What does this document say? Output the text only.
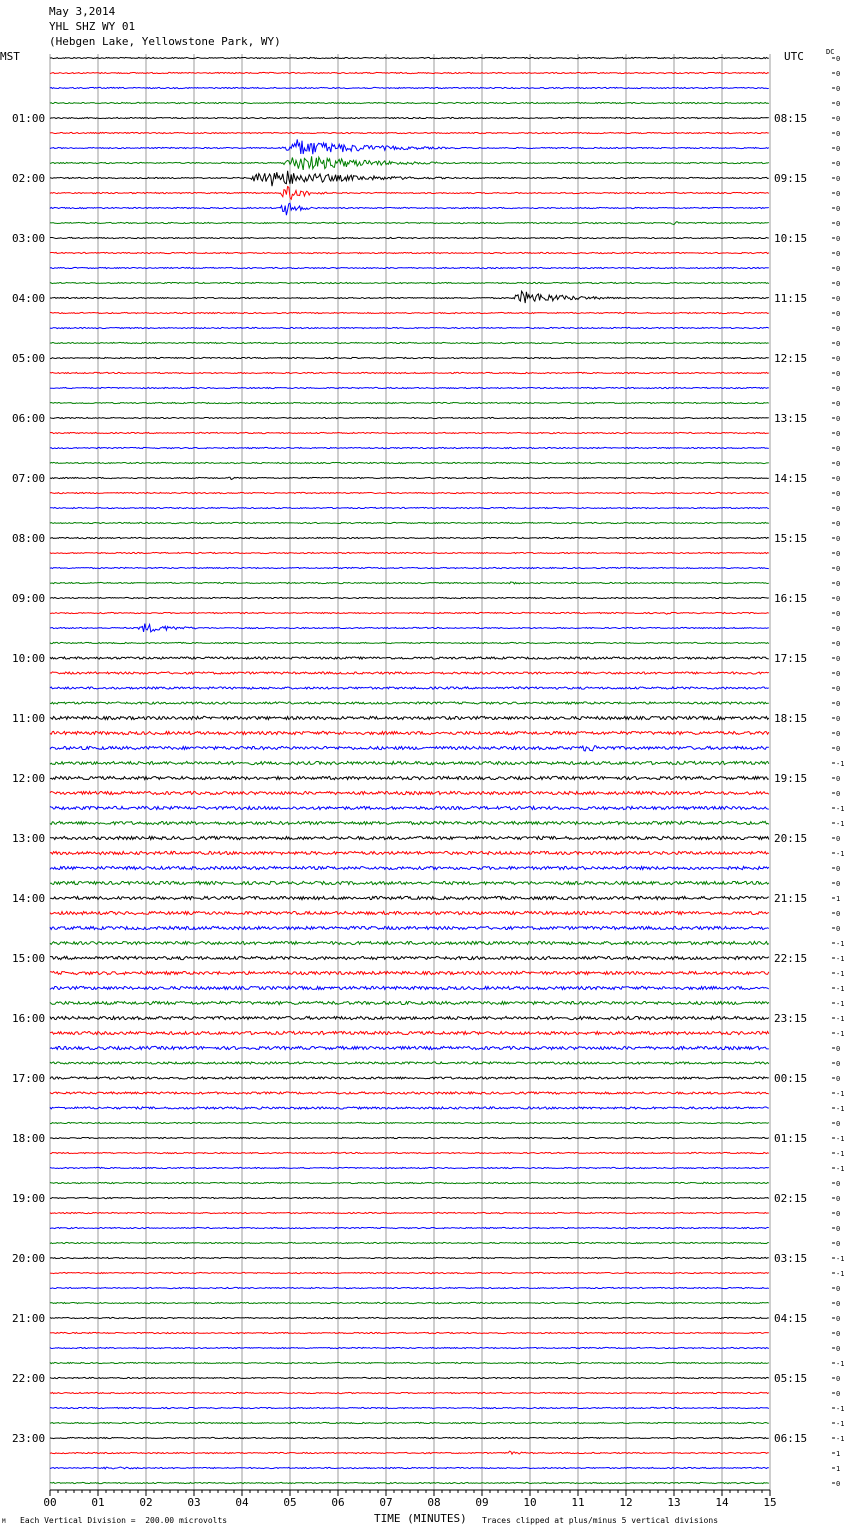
May 3,2014
YHL SHZ WY 01
(Hebgen Lake, Yellowstone Park, WY)
MST	UTC	DC
00	01	02	03	04	05	06	07	08	09	10	11	12	13	14	15
0
0
0
0
0
0
0
0
0
0
0
0
0
0
0
0
0
0
0
0
0
0
0
0
0
0
0
0
0
0
0
0
0
0
0
0
0
0
0
0
0
0
0
0
0
0
0
-1
0
0
-1
-1
0
-1
0
0
1
0
0
-1
-1
-1
-1
-1
-1
-1
0
0
0
-1
-1
0
-1
-1
-1
0
0
0
0
0
-1
-1
0
0
0
0
0
-1
0
0
-1
-1
-1
1
1
0
01:00	08:15
02:00	09:15
03:00	10:15
04:00	11:15
05:00	12:15
06:00	13:15
07:00	14:15
08:00	15:15
09:00	16:15
10:00	17:15
11:00	18:15
12:00	19:15
13:00	20:15
14:00	21:15
15:00	22:15
16:00	23:15
17:00	00:15
18:00	01:15
19:00	02:15
20:00	03:15
21:00	04:15
22:00	05:15
23:00	06:15
M Each Vertical Division =  200.00 microvolts	TIME (MINUTES) Traces clipped at plus/minus 5 vertical divisions
